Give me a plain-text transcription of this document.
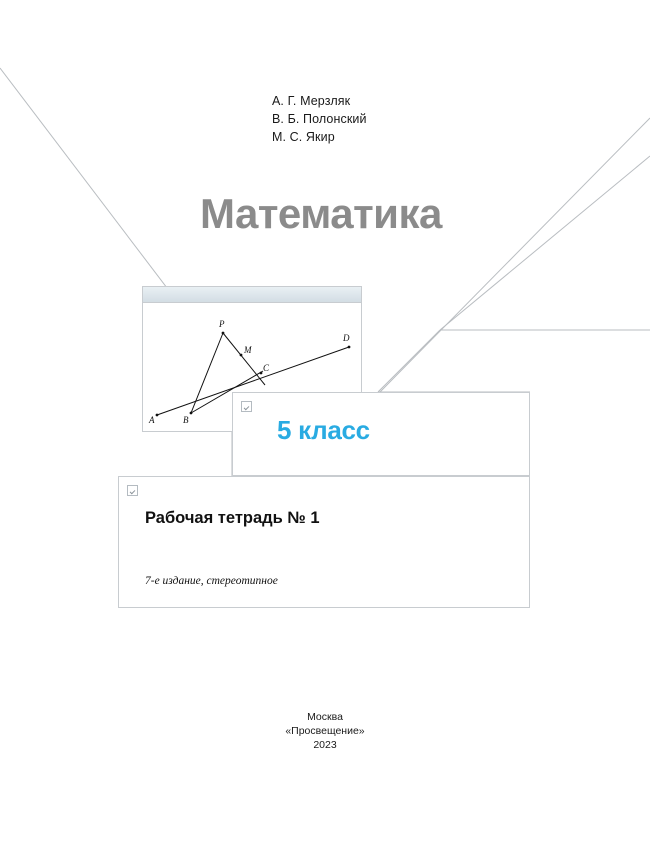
А. Г. Мерзляк
В. Б. Полонский
М. С. Якир
Математика
P
M
C
D
A	B	5 класс
Рабочая тетрадь № 1
7-е издание, стереотипное
Москва
«Просвещение»
2023
